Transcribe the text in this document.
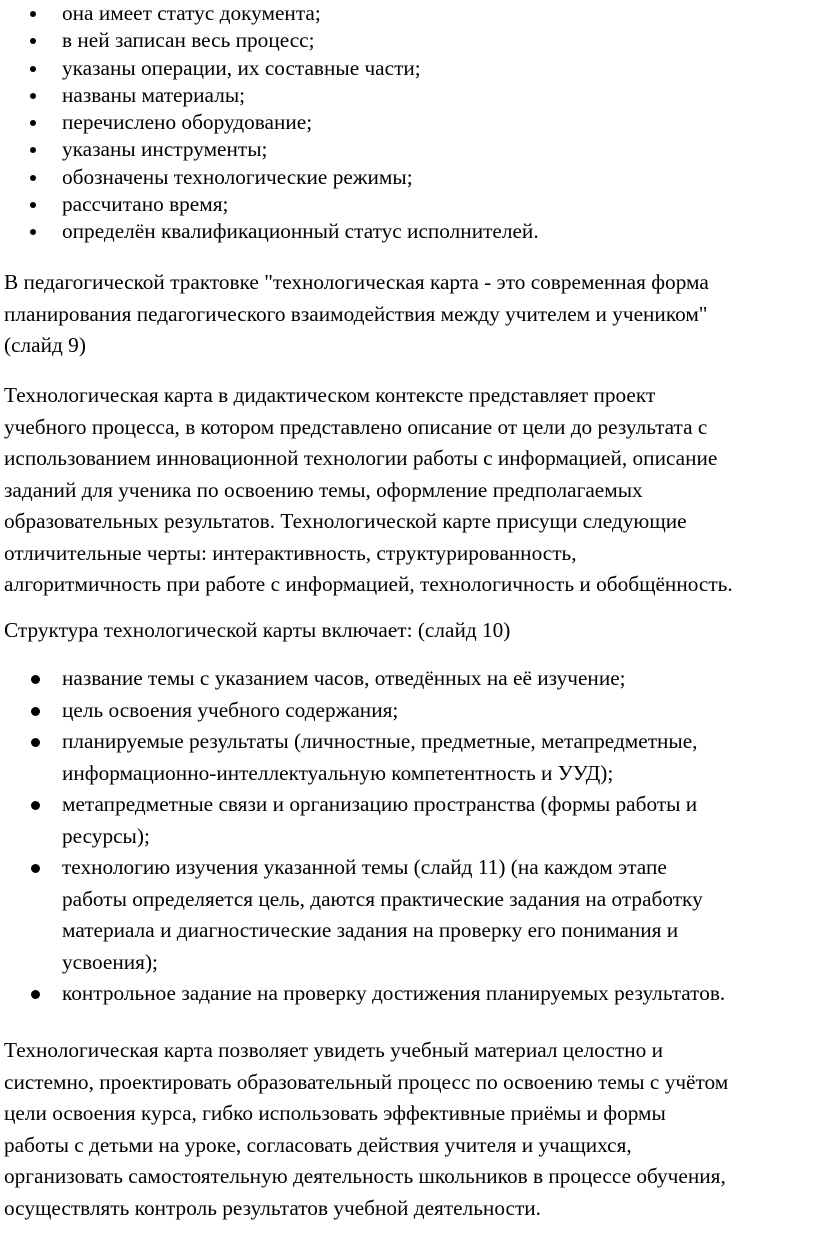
она имеет статус документа;
в ней записан весь процесс;
указаны операции, их составные части;
названы материалы;
перечислено оборудование;
указаны инструменты;
обозначены технологические режимы;
рассчитано время;
определён квалификационный статус исполнителей.

В педагогической трактовке "технологическая карта - это современная форма
планирования педагогического взаимодействия между учителем и учеником"
(слайд 9)

Технологическая карта в дидактическом контексте представляет проект
учебного процесса, в котором представлено описание от цели до результата с
использованием инновационной технологии работы с информацией, описание
заданий для ученика по освоению темы, оформление предполагаемых
образовательных результатов. Технологической карте присущи следующие
отличительные черты: интерактивность, структурированность,
алгоритмичность при работе с информацией, технологичность и обобщённость.

Структура технологической карты включает: (слайд 10)

название темы с указанием часов, отведённых на её изучение;
цель освоения учебного содержания;
планируемые результаты (личностные, предметные, метапредметные,
информационно-интеллектуальную компетентность и УУД);
метапредметные связи и организацию пространства (формы работы и
ресурсы);
технологию изучения указанной темы (слайд 11) (на каждом этапе
работы определяется цель, даются практические задания на отработку
материала и диагностические задания на проверку его понимания и
усвоения);
контрольное задание на проверку достижения планируемых результатов.

Технологическая карта позволяет увидеть учебный материал целостно и
системно, проектировать образовательный процесс по освоению темы с учётом
цели освоения курса, гибко использовать эффективные приёмы и формы
работы с детьми на уроке, согласовать действия учителя и учащихся,
организовать самостоятельную деятельность школьников в процессе обучения,
осуществлять контроль результатов учебной деятельности.
